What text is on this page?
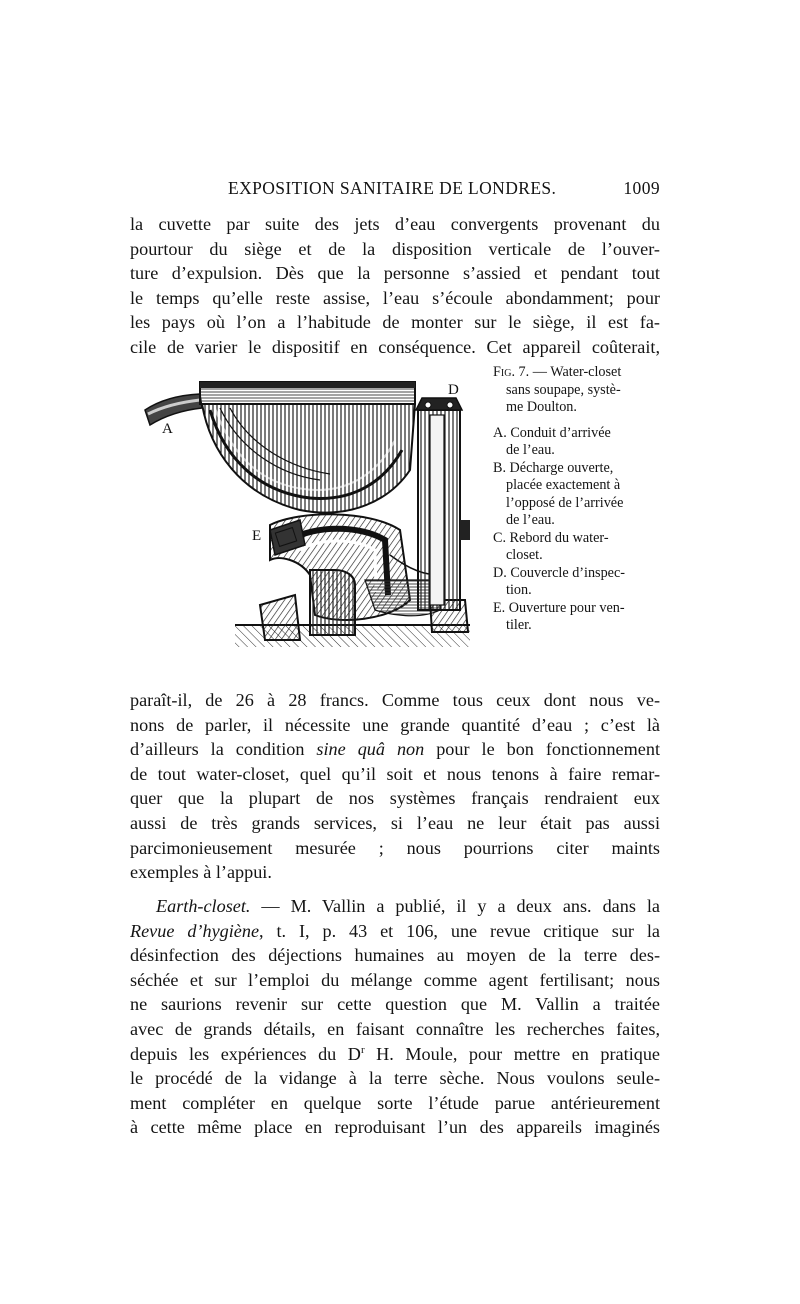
EXPOSITION SANITAIRE DE LONDRES.	1009
la cuvette par suite des jets d’eau convergents provenant du
pourtour du siège et de la disposition verticale de l’ouver-
ture d’expulsion. Dès que la personne s’assied et pendant tout
le temps qu’elle reste assise, l’eau s’écoule abondamment; pour
les pays où l’on a l’habitude de monter sur le siège, il est fa-
cile de varier le dispositif en conséquence. Cet appareil coûterait,
A
D
E
Fig. 7. — Water-closet
sans soupape, systè-
me Doulton.
A. Conduit d’arrivée
de l’eau.
B. Décharge ouverte,
placée exactement à
l’opposé de l’arrivée
de l’eau.
C. Rebord du water-
closet.
D. Couvercle d’inspec-
tion.
E. Ouverture pour ven-
tiler.
paraît-il, de 26 à 28 francs. Comme tous ceux dont nous ve-
nons de parler, il nécessite une grande quantité d’eau ; c’est là
d’ailleurs la condition sine quâ non pour le bon fonctionnement
de tout water-closet, quel qu’il soit et nous tenons à faire remar-
quer que la plupart de nos systèmes français rendraient eux
aussi de très grands services, si l’eau ne leur était pas aussi
parcimonieusement mesurée ; nous pourrions citer maints
exemples à l’appui.
Earth-closet. — M. Vallin a publié, il y a deux ans. dans la
Revue d’hygiène, t. I, p. 43 et 106, une revue critique sur la
désinfection des déjections humaines au moyen de la terre des-
séchée et sur l’emploi du mélange comme agent fertilisant; nous
ne saurions revenir sur cette question que M. Vallin a traitée
avec de grands détails, en faisant connaître les recherches faites,
depuis les expériences du $D^r$ H. Moule, pour mettre en pratique
le procédé de la vidange à la terre sèche. Nous voulons seule-
ment compléter en quelque sorte l’étude parue antérieurement
à cette même place en reproduisant l’un des appareils imaginés
